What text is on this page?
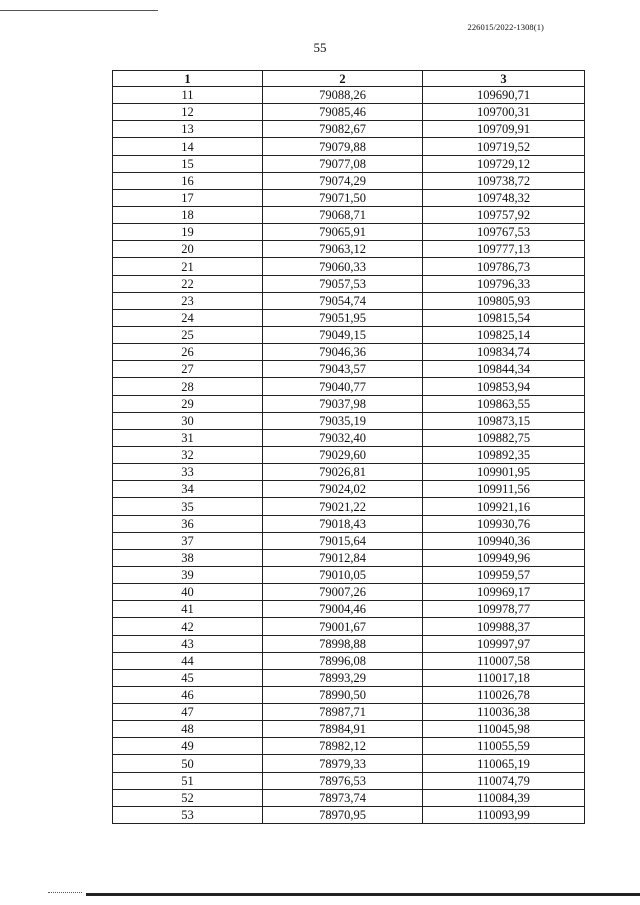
226015/2022-1308(1)
55
1	2	3
11	79088,26	109690,71
12	79085,46	109700,31
13	79082,67	109709,91
14	79079,88	109719,52
15	79077,08	109729,12
16	79074,29	109738,72
17	79071,50	109748,32
18	79068,71	109757,92
19	79065,91	109767,53
20	79063,12	109777,13
21	79060,33	109786,73
22	79057,53	109796,33
23	79054,74	109805,93
24	79051,95	109815,54
25	79049,15	109825,14
26	79046,36	109834,74
27	79043,57	109844,34
28	79040,77	109853,94
29	79037,98	109863,55
30	79035,19	109873,15
31	79032,40	109882,75
32	79029,60	109892,35
33	79026,81	109901,95
34	79024,02	109911,56
35	79021,22	109921,16
36	79018,43	109930,76
37	79015,64	109940,36
38	79012,84	109949,96
39	79010,05	109959,57
40	79007,26	109969,17
41	79004,46	109978,77
42	79001,67	109988,37
43	78998,88	109997,97
44	78996,08	110007,58
45	78993,29	110017,18
46	78990,50	110026,78
47	78987,71	110036,38
48	78984,91	110045,98
49	78982,12	110055,59
50	78979,33	110065,19
51	78976,53	110074,79
52	78973,74	110084,39
53	78970,95	110093,99
